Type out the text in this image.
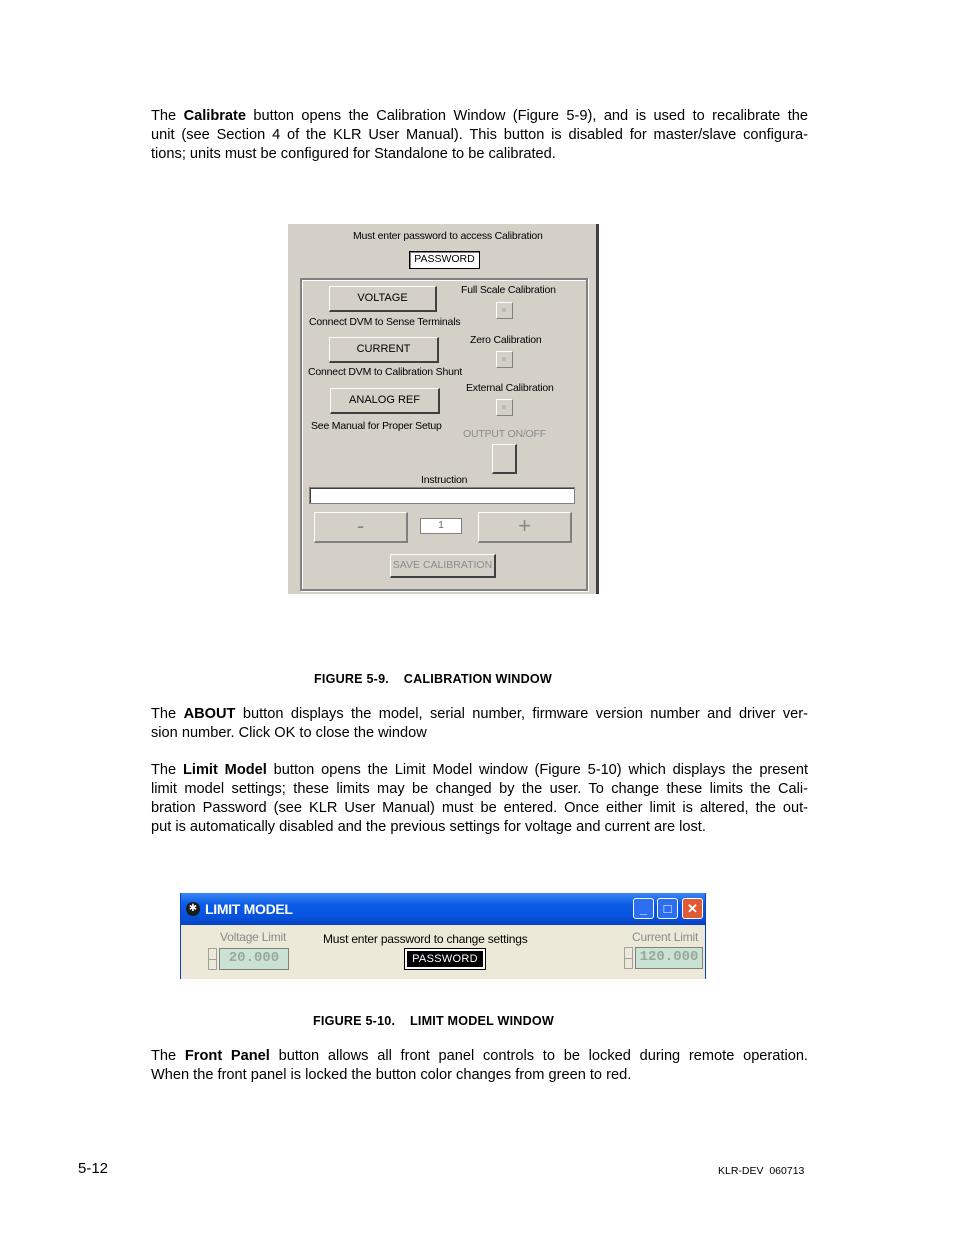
The Calibrate button opens the Calibration Window (Figure 5-9), and is used to recalibrate the
unit (see Section 4 of the KLR User Manual). This button is disabled for master/slave configura-
tions; units must be configured for Standalone to be calibrated.

Must enter password to access Calibration
PASSWORD
VOLTAGE
Connect DVM to Sense Terminals
CURRENT
Connect DVM to Calibration Shunt
ANALOG REF
See Manual for Proper Setup
Full Scale Calibration
Zero Calibration
External Calibration
OUTPUT ON/OFF
Instruction
-	1	+
SAVE CALIBRATION
FIGURE 5-9.    CALIBRATION WINDOW

The ABOUT button displays the model, serial number, firmware version number and driver ver-
sion number. Click OK to close the window

The Limit Model button opens the Limit Model window (Figure 5-10) which displays the present
limit model settings; these limits may be changed by the user. To change these limits the Cali-
bration Password (see KLR User Manual) must be entered. Once either limit is altered, the out-
put is automatically disabled and the previous settings for voltage and current are lost.

✱ LIMIT MODEL	_	□	✕
Voltage Limit
20.000
Must enter password to change settings
PASSWORD
Current Limit
120.000
FIGURE 5-10.    LIMIT MODEL WINDOW

The Front Panel button allows all front panel controls to be locked during remote operation.
When the front panel is locked the button color changes from green to red.

5-12	KLR-DEV  060713
